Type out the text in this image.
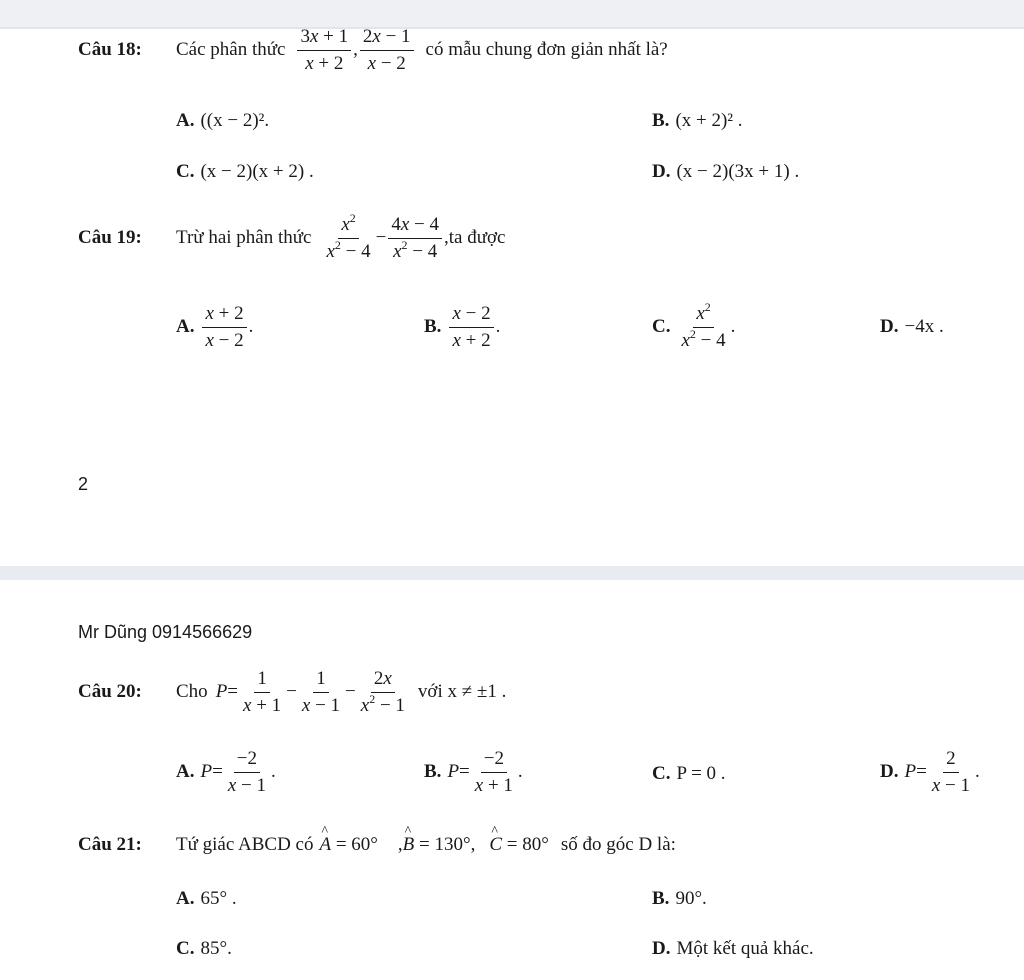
Câu 18:	Các phân thức $\frac{3x + 1}{x + 2}$ , $\frac{2x - 1}{x - 2}$ có mẫu chung đơn giản nhất là?
A. ((x − 2)².	B. (x + 2)² .
C. (x − 2)(x + 2) .	D. (x − 2)(3x + 1) .
Câu 19:	Trừ hai phân thức $\frac{x^2}{x^2 - 4} - \frac{4x - 4}{x^2 - 4} ,ta$ được
A. $\frac{x + 2}{x - 2}$ .	B. $\frac{x - 2}{x + 2}$ .	C. $\frac{x^2}{x^2 - 4}$ .	D. −4x .
2
Mr Dũng 0914566629
Câu 20:	Cho $P = \frac{1}{x + 1} - \frac{1}{x - 1} - \frac{2x}{x^2 - 1}$ với x ≠ ±1 .
A. $P = \frac{-2}{x - 1}$ .	B. $P = \frac{-2}{x + 1}$ .	C. P = 0 .	D. $P = \frac{2}{x - 1}$ .
Câu 21:	Tứ giác ABCD có ^ A = 60° ,^ B = 130°, ^ C = 80° số đo góc D là:
A. 65° .	B. 90°.
C. 85°.	D. Một kết quả khác.
